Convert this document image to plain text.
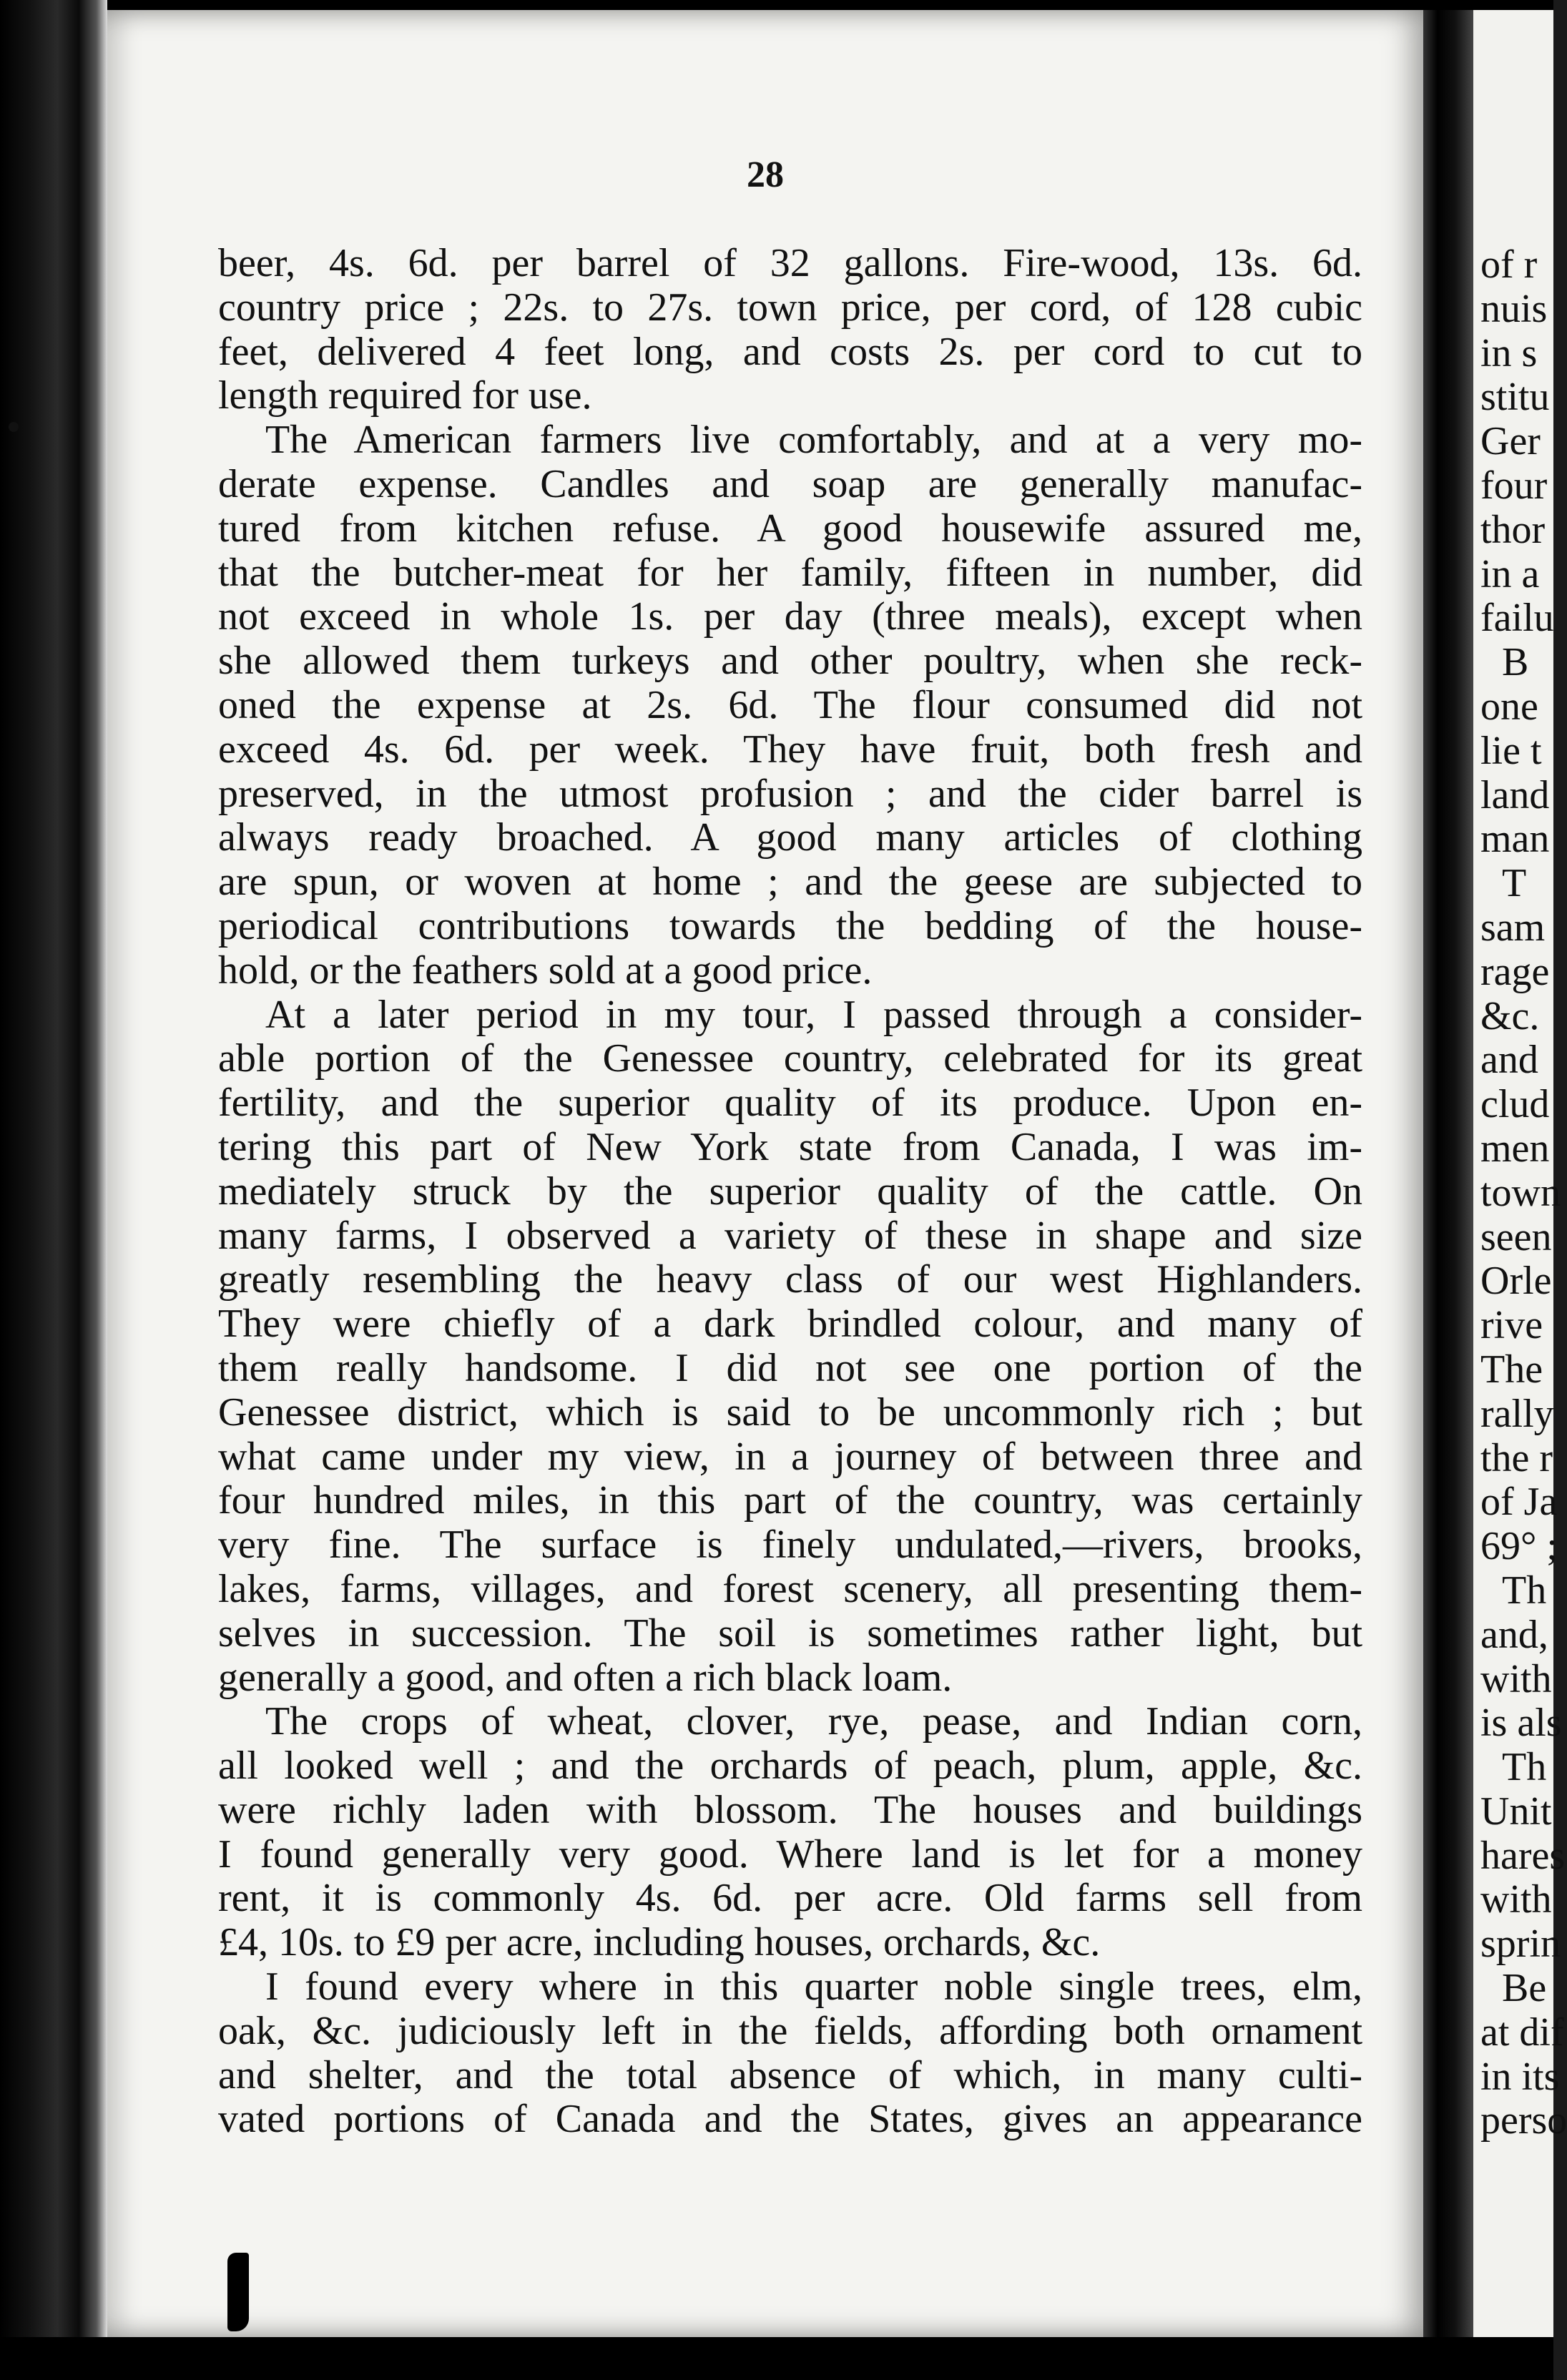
28
beer, 4s. 6d. per barrel of 32 gallons. Fire-wood, 13s. 6d.
country price ; 22s. to 27s. town price, per cord, of 128 cubic
feet, delivered 4 feet long, and costs 2s. per cord to cut to
length required for use.
The American farmers live comfortably, and at a very mo-
derate expense. Candles and soap are generally manufac-
tured from kitchen refuse. A good housewife assured me,
that the butcher-meat for her family, fifteen in number, did
not exceed in whole 1s. per day (three meals), except when
she allowed them turkeys and other poultry, when she reck-
oned the expense at 2s. 6d. The flour consumed did not
exceed 4s. 6d. per week. They have fruit, both fresh and
preserved, in the utmost profusion ; and the cider barrel is
always ready broached. A good many articles of clothing
are spun, or woven at home ; and the geese are subjected to
periodical contributions towards the bedding of the house-
hold, or the feathers sold at a good price.
At a later period in my tour, I passed through a consider-
able portion of the Genessee country, celebrated for its great
fertility, and the superior quality of its produce. Upon en-
tering this part of New York state from Canada, I was im-
mediately struck by the superior quality of the cattle. On
many farms, I observed a variety of these in shape and size
greatly resembling the heavy class of our west Highlanders.
They were chiefly of a dark brindled colour, and many of
them really handsome. I did not see one portion of the
Genessee district, which is said to be uncommonly rich ; but
what came under my view, in a journey of between three and
four hundred miles, in this part of the country, was certainly
very fine. The surface is finely undulated,—rivers, brooks,
lakes, farms, villages, and forest scenery, all presenting them-
selves in succession. The soil is sometimes rather light, but
generally a good, and often a rich black loam.
The crops of wheat, clover, rye, pease, and Indian corn,
all looked well ; and the orchards of peach, plum, apple, &c.
were richly laden with blossom. The houses and buildings
I found generally very good. Where land is let for a money
rent, it is commonly 4s. 6d. per acre. Old farms sell from
£4, 10s. to £9 per acre, including houses, orchards, &c.
I found every where in this quarter noble single trees, elm,
oak, &c. judiciously left in the fields, affording both ornament
and shelter, and the total absence of which, in many culti-
vated portions of Canada and the States, gives an appearance
of r
nuis
in s
stitu
Ger
four
thor
in a
failu
B
one
lie t
land
man
T
sam
rage
&c.
and
clud
men
town
seen
Orle
rive
The
rally
the r
of Ja
69° ;
Th
and,
with
is als
Th
Unit
hares
with
sprin
Be
at dif
in its
perso
